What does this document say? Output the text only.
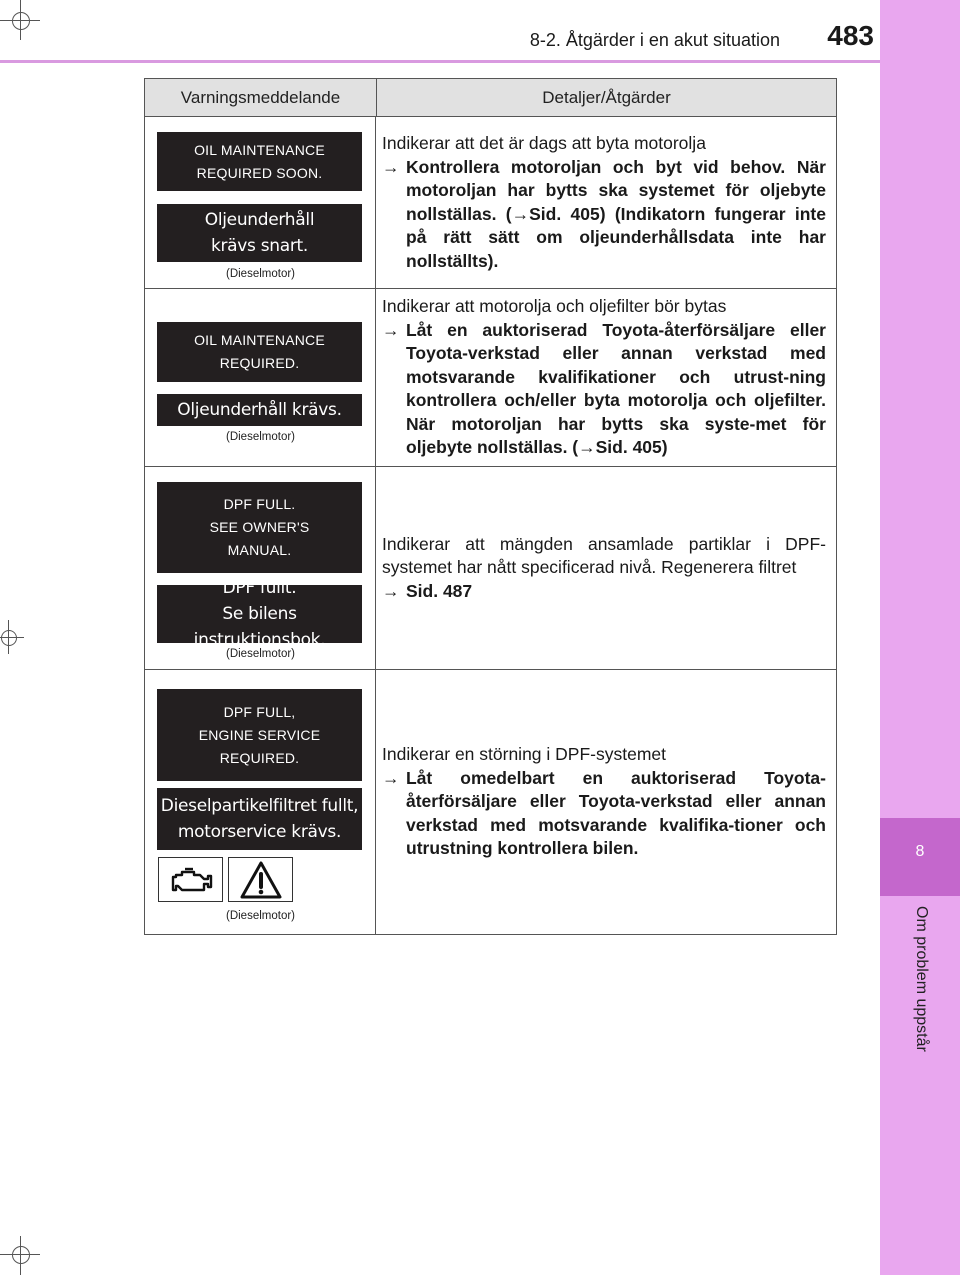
8-2. Åtgärder i en akut situation	483
8
Om problem uppstår
Varningsmeddelande	Detaljer/Åtgärder
OIL MAINTENANCE
REQUIRED SOON.
Oljeunderhåll
krävs snart.
(Dieselmotor)
Indikerar att det är dags att byta motorolja
→ Kontrollera motoroljan och byt vid behov. När motoroljan har bytts ska systemet för oljebyte nollställas. (→Sid. 405) (Indikatorn fungerar inte på rätt sätt om oljeunderhållsdata inte har nollställts).
OIL MAINTENANCE
REQUIRED.
Oljeunderhåll krävs.
(Dieselmotor)
Indikerar att motorolja och oljefilter bör bytas
→ Låt en auktoriserad Toyota-återförsäljare eller Toyota-verkstad eller annan verkstad med motsvarande kvalifikationer och utrust-ning kontrollera och/eller byta motorolja och oljefilter. När motoroljan har bytts ska syste-met för oljebyte nollställas. (→Sid. 405)
DPF FULL.
SEE OWNER'S
MANUAL.
DPF fullt.
Se bilens instruktionsbok.
(Dieselmotor)
Indikerar att mängden ansamlade partiklar i DPF-systemet har nått specificerad nivå. Regenerera filtret
→ Sid. 487
DPF FULL,
ENGINE SERVICE
REQUIRED.
Dieselpartikelfiltret fullt,
motorservice krävs.
(Dieselmotor)
Indikerar en störning i DPF-systemet
→ Låt omedelbart en auktoriserad Toyota-återförsäljare eller Toyota-verkstad eller annan verkstad med motsvarande kvalifika-tioner och utrustning kontrollera bilen.
